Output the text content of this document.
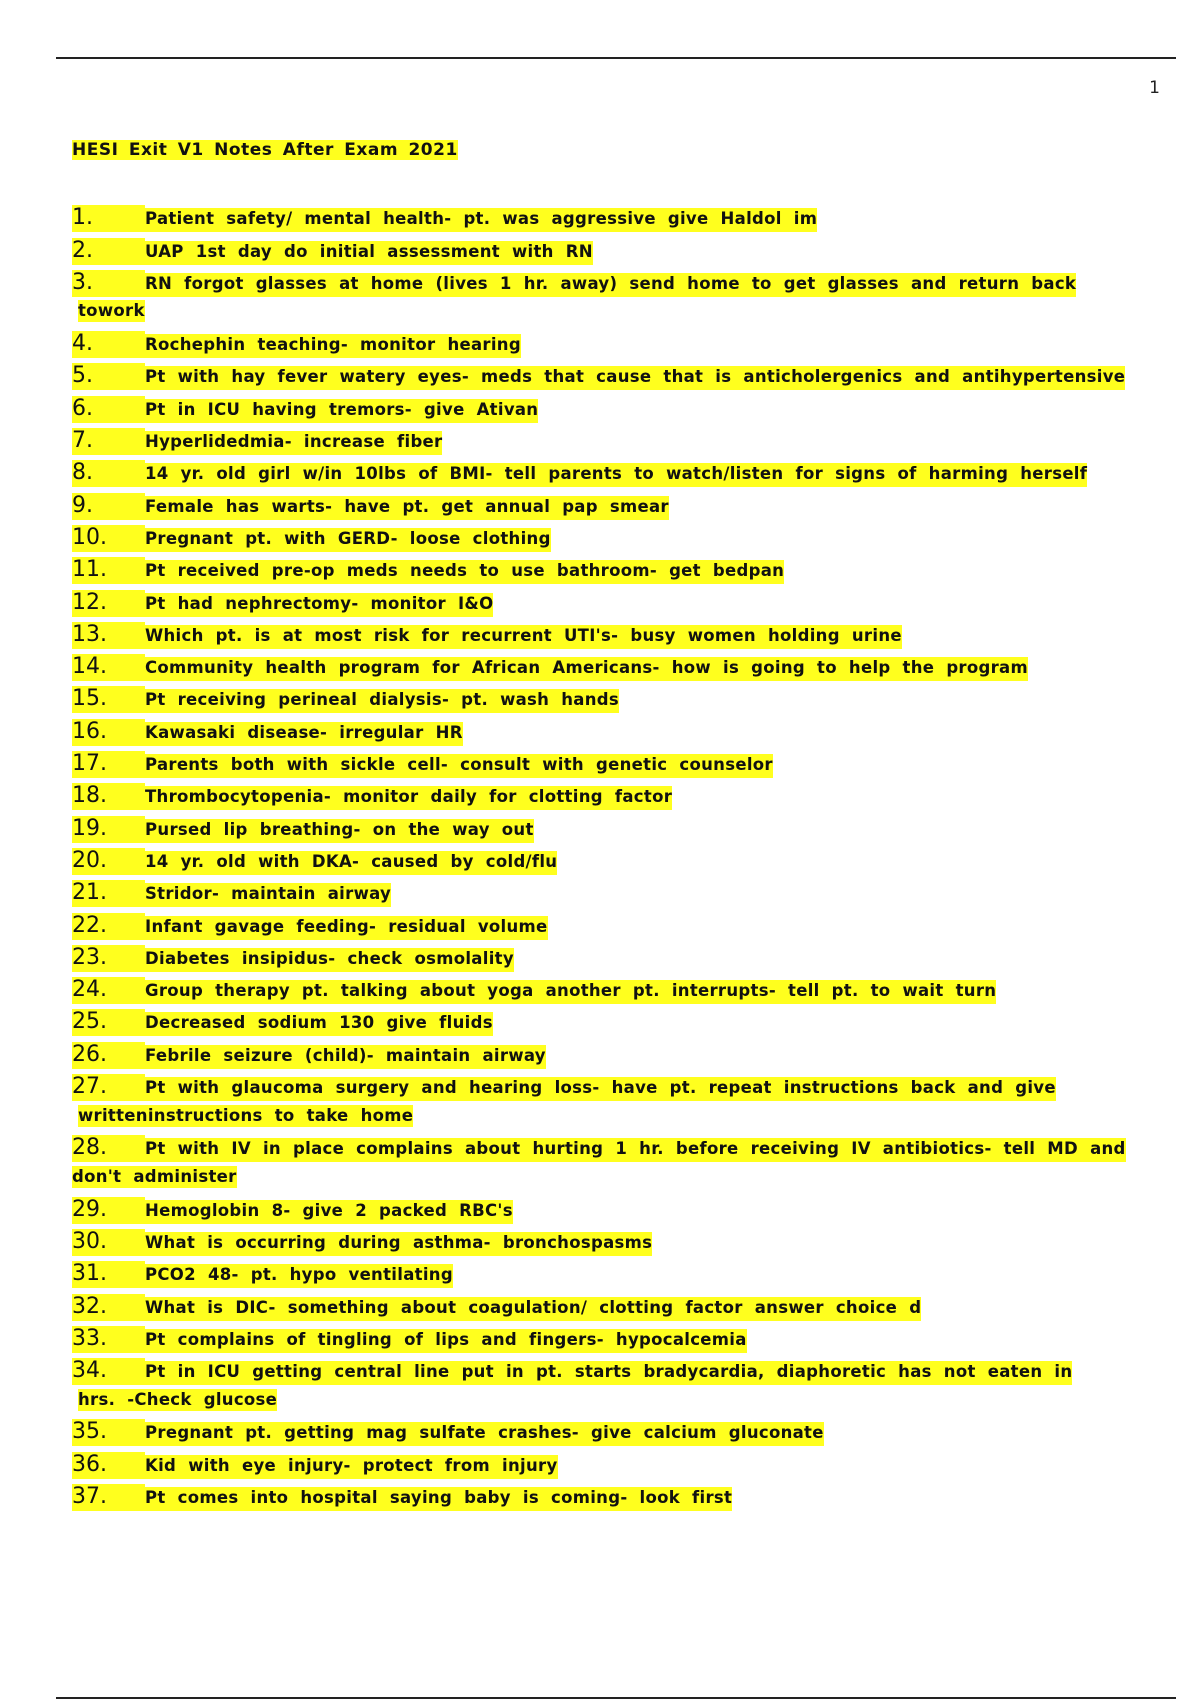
1
HESI Exit V1 Notes After Exam 2021
1.	Patient safety/ mental health- pt. was aggressive give Haldol im
2.	UAP 1st day do initial assessment with RN
3.	RN forgot glasses at home (lives 1 hr. away) send home to get glasses and return back
towork
4.	Rochephin teaching- monitor hearing
5.	Pt with hay fever watery eyes- meds that cause that is anticholergenics and antihypertensive
6.	Pt in ICU having tremors- give Ativan
7.	Hyperlidedmia- increase fiber
8.	14 yr. old girl w/in 10lbs of BMI- tell parents to watch/listen for signs of harming herself
9.	Female has warts- have pt. get annual pap smear
10.	Pregnant pt. with GERD- loose clothing
11.	Pt received pre-op meds needs to use bathroom- get bedpan
12.	Pt had nephrectomy- monitor I&O
13.	Which pt. is at most risk for recurrent UTI's- busy women holding urine
14.	Community health program for African Americans- how is going to help the program
15.	Pt receiving perineal dialysis- pt. wash hands
16.	Kawasaki disease- irregular HR
17.	Parents both with sickle cell- consult with genetic counselor
18.	Thrombocytopenia- monitor daily for clotting factor
19.	Pursed lip breathing- on the way out
20.	14 yr. old with DKA- caused by cold/flu
21.	Stridor- maintain airway
22.	Infant gavage feeding- residual volume
23.	Diabetes insipidus- check osmolality
24.	Group therapy pt. talking about yoga another pt. interrupts- tell pt. to wait turn
25.	Decreased sodium 130 give fluids
26.	Febrile seizure (child)- maintain airway
27.	Pt with glaucoma surgery and hearing loss- have pt. repeat instructions back and give
writteninstructions to take home
28.	Pt with IV in place complains about hurting 1 hr. before receiving IV antibiotics- tell MD and
don't administer
29.	Hemoglobin 8- give 2 packed RBC's
30.	What is occurring during asthma- bronchospasms
31.	PCO2 48- pt. hypo ventilating
32.	What is DIC- something about coagulation/ clotting factor answer choice d
33.	Pt complains of tingling of lips and fingers- hypocalcemia
34.	Pt in ICU getting central line put in pt. starts bradycardia, diaphoretic has not eaten in
hrs. -Check glucose
35.	Pregnant pt. getting mag sulfate crashes- give calcium gluconate
36.	Kid with eye injury- protect from injury
37.	Pt comes into hospital saying baby is coming- look first
